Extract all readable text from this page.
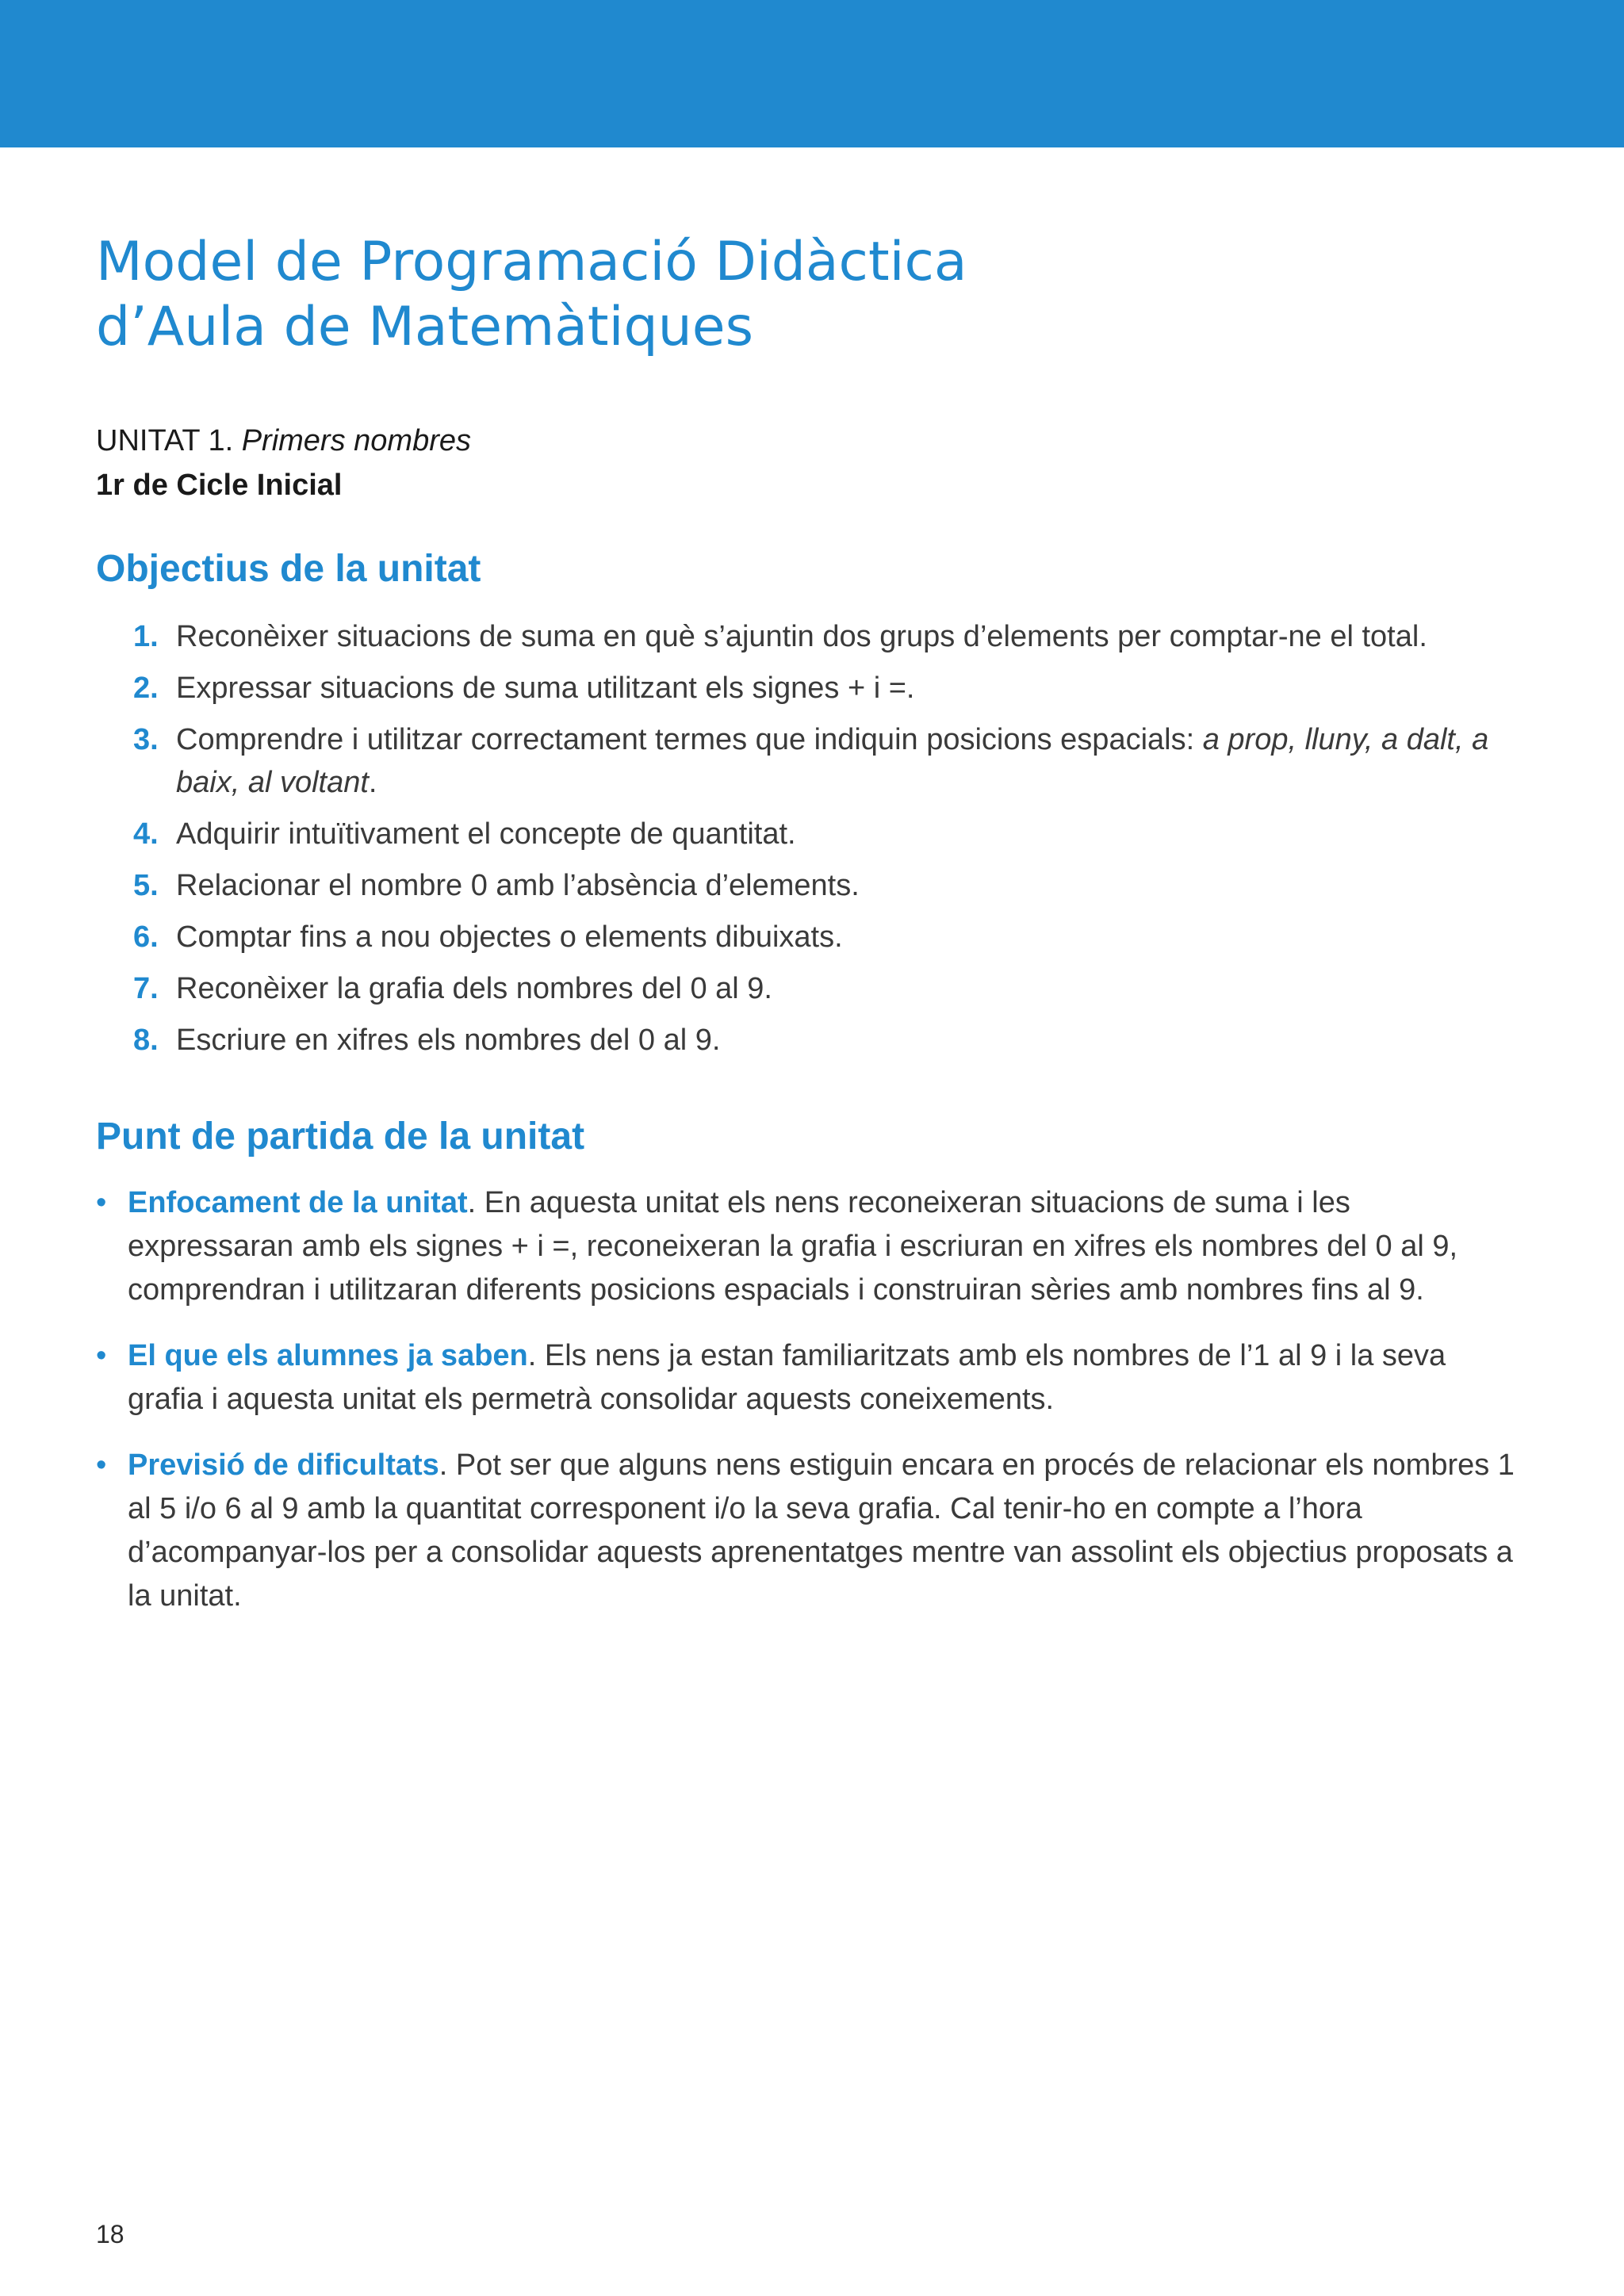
Model de Programació Didàctica
d’Aula de Matemàtiques
UNITAT 1. Primers nombres
1r de Cicle Inicial
Objectius de la unitat
1. Reconèixer situacions de suma en què s’ajuntin dos grups d’elements per comptar-ne el total.
2. Expressar situacions de suma utilitzant els signes + i =.
3. Comprendre i utilitzar correctament termes que indiquin posicions espacials: a prop, lluny, a dalt, a baix, al voltant.
4. Adquirir intuïtivament el concepte de quantitat.
5. Relacionar el nombre 0 amb l’absència d’elements.
6. Comptar fins a nou objectes o elements dibuixats.
7. Reconèixer la grafia dels nombres del 0 al 9.
8. Escriure en xifres els nombres del 0 al 9.
Punt de partida de la unitat
• Enfocament de la unitat. En aquesta unitat els nens reconeixeran situacions de suma i les expressaran amb els signes + i =, reconeixeran la grafia i escriuran en xifres els nombres del 0 al 9, comprendran i utilitzaran diferents posicions espacials i construiran sèries amb nombres fins al 9.
• El que els alumnes ja saben. Els nens ja estan familiaritzats amb els nombres de l’1 al 9 i la seva grafia i aquesta unitat els permetrà consolidar aquests coneixements.
• Previsió de dificultats. Pot ser que alguns nens estiguin encara en procés de relacionar els nombres 1 al 5 i/o 6 al 9 amb la quantitat corresponent i/o la seva grafia. Cal tenir-ho en compte a l’hora d’acompanyar-los per a consolidar aquests aprenentatges mentre van assolint els objectius proposats a la unitat.
18
